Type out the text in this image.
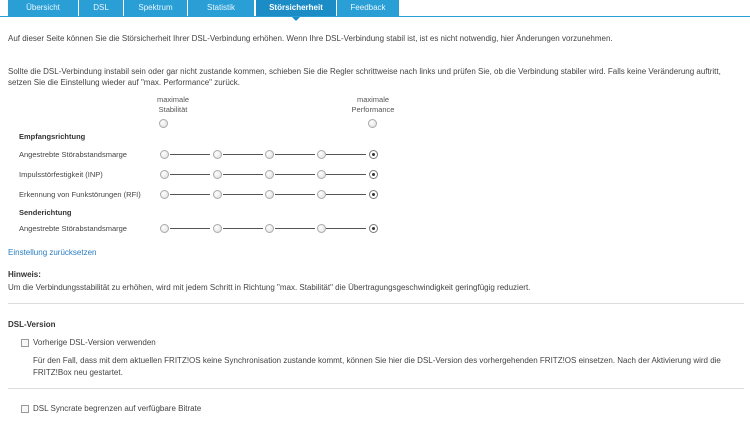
Übersicht	DSL	Spektrum	Statistik	Störsicherheit	Feedback
Auf dieser Seite können Sie die Störsicherheit Ihrer DSL-Verbindung erhöhen. Wenn Ihre DSL-Verbindung stabil ist, ist es nicht notwendig, hier Änderungen vorzunehmen.
Sollte die DSL-Verbindung instabil sein oder gar nicht zustande kommen, schieben Sie die Regler schrittweise nach links und prüfen Sie, ob die Verbindung stabiler wird. Falls keine Veränderung auftritt,
setzen Sie die Einstellung wieder auf "max. Performance" zurück.
maximale
Stabilität
maximale
Performance
Empfangsrichtung
Angestrebte Störabstandsmarge
Impulsstörfestigkeit (INP)
Erkennung von Funkstörungen (RFI)
Senderichtung
Angestrebte Störabstandsmarge
Einstellung zurücksetzen
Hinweis:
Um die Verbindungsstabilität zu erhöhen, wird mit jedem Schritt in Richtung "max. Stabilität" die Übertragungsgeschwindigkeit geringfügig reduziert.
DSL-Version
Vorherige DSL-Version verwenden
Für den Fall, dass mit dem aktuellen FRITZ!OS keine Synchronisation zustande kommt, können Sie hier die DSL-Version des vorhergehenden FRITZ!OS einsetzen. Nach der Aktivierung wird die
FRITZ!Box neu gestartet.
DSL Syncrate begrenzen auf verfügbare Bitrate
